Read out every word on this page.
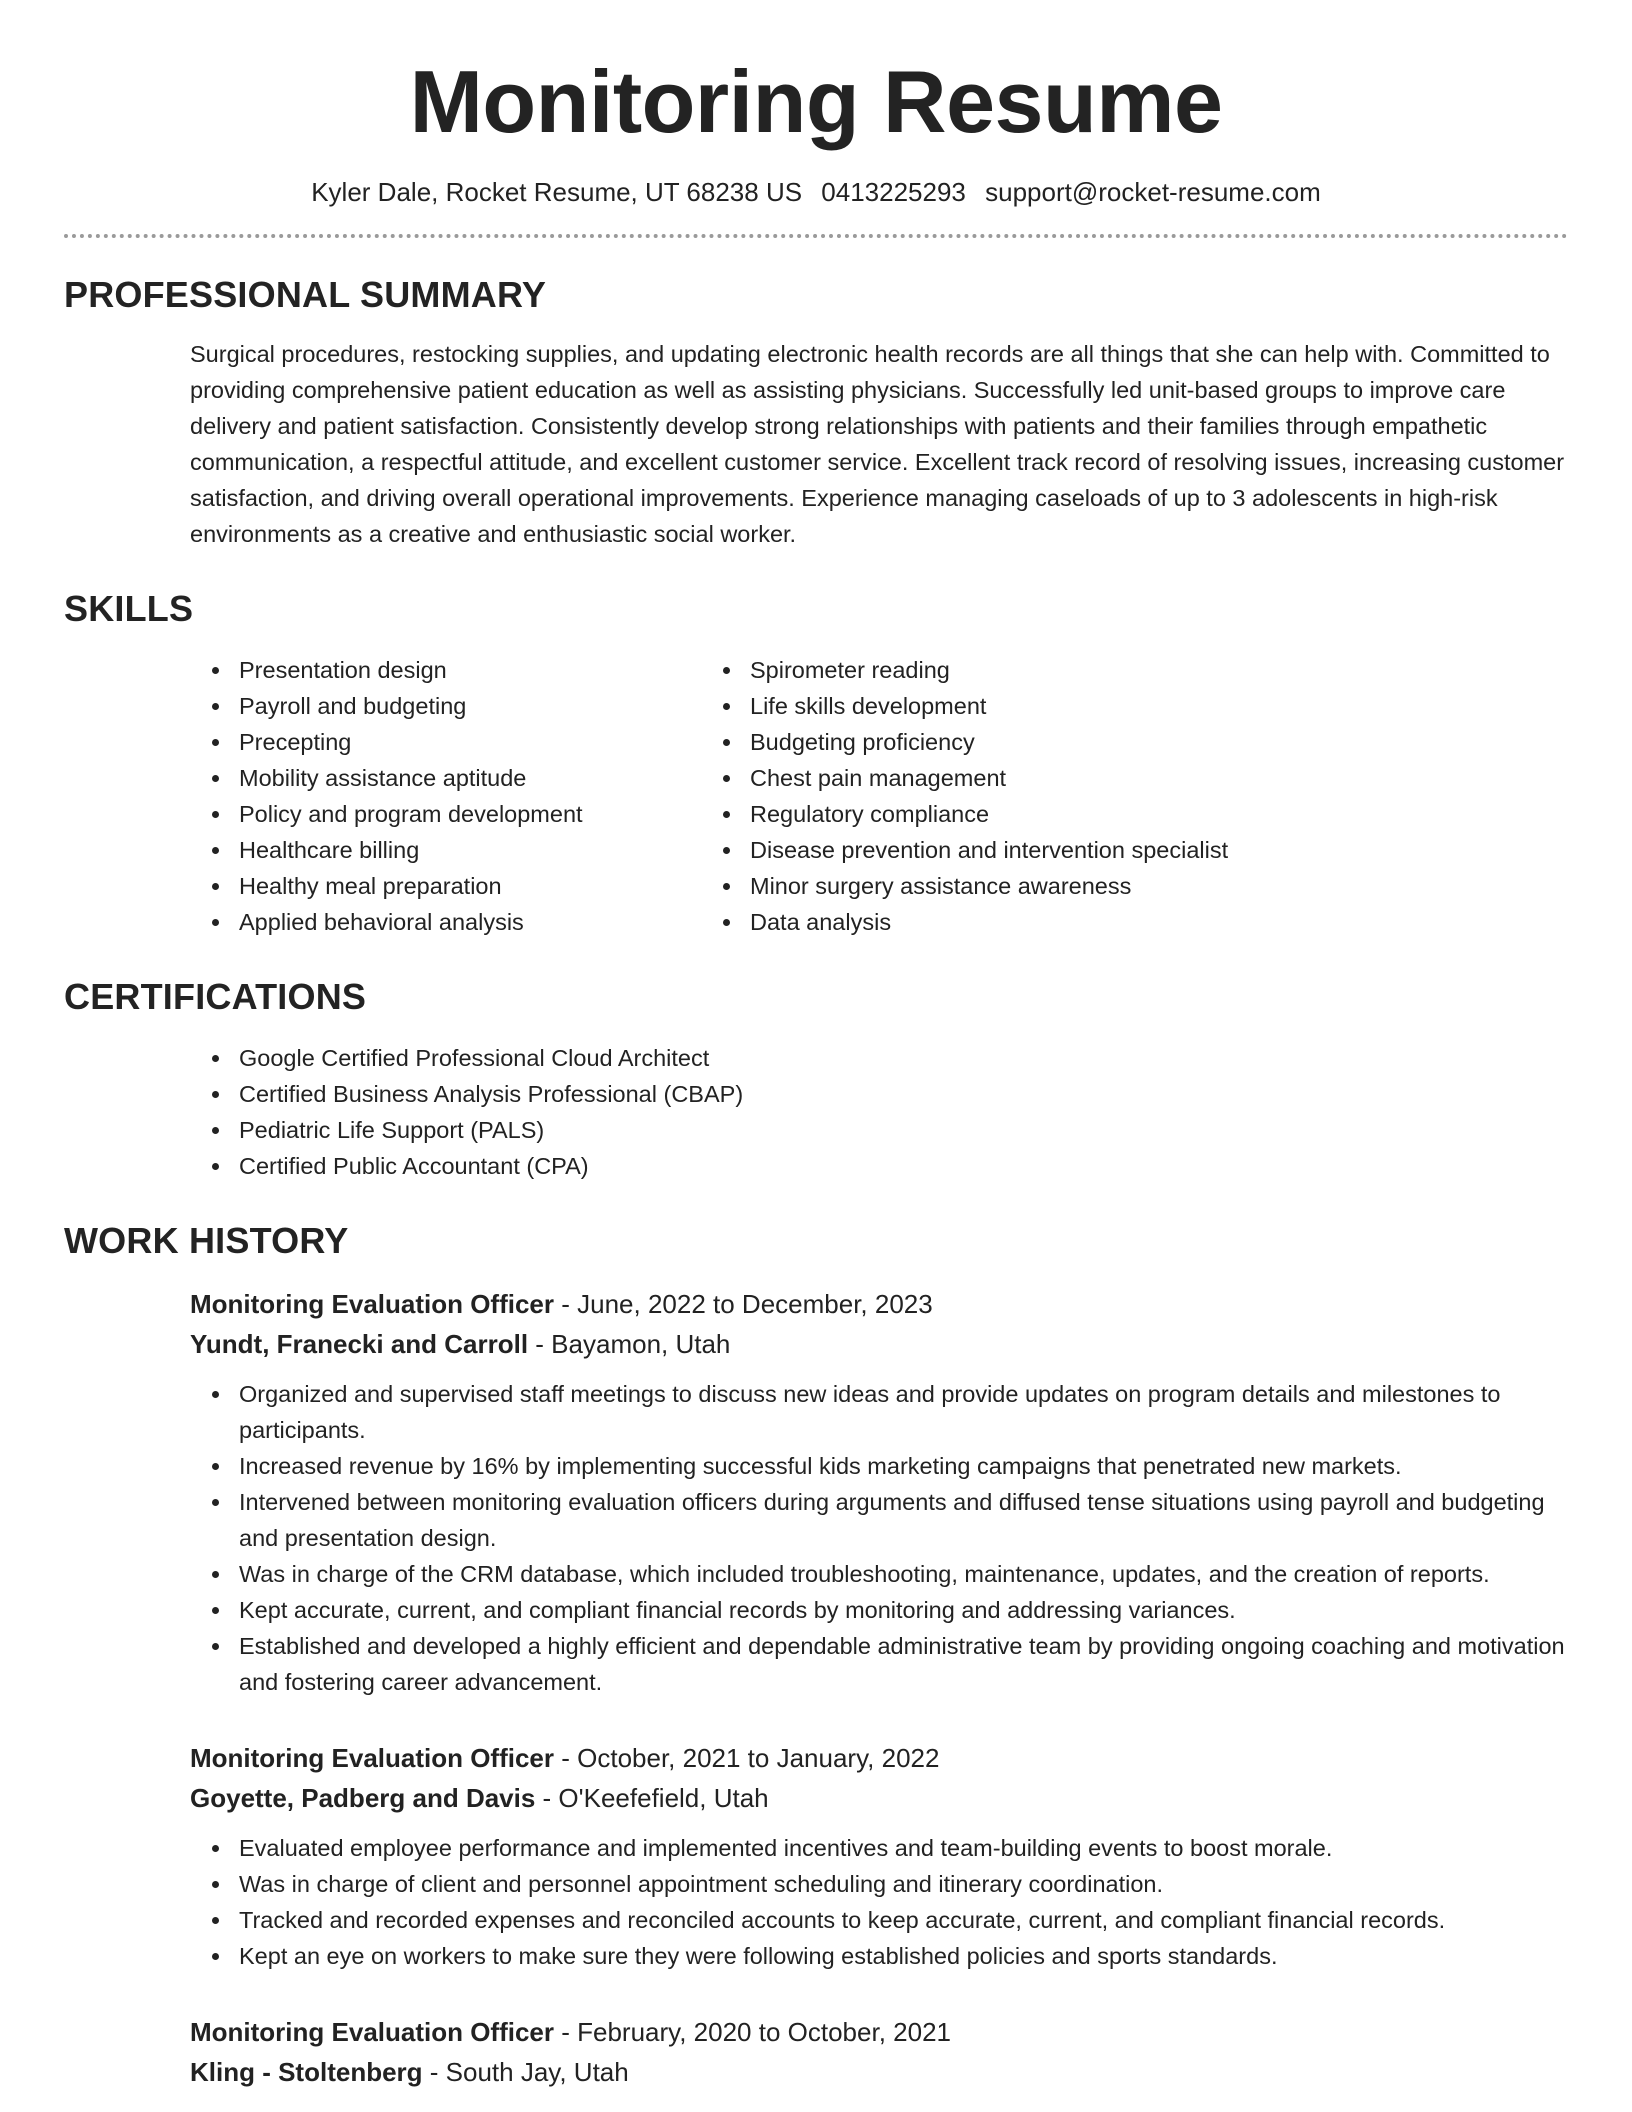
Monitoring Resume
Kyler Dale, Rocket Resume, UT 68238 US 0413225293 support@rocket-resume.com
PROFESSIONAL SUMMARY

Surgical procedures, restocking supplies, and updating electronic health records are all things that she can help with. Committed to providing comprehensive patient education as well as assisting physicians. Successfully led unit-based groups to improve care delivery and patient satisfaction. Consistently develop strong relationships with patients and their families through empathetic communication, a respectful attitude, and excellent customer service. Excellent track record of resolving issues, increasing customer satisfaction, and driving overall operational improvements. Experience managing caseloads of up to 3 adolescents in high-risk environments as a creative and enthusiastic social worker.

SKILLS
• Presentation design
• Payroll and budgeting
• Precepting
• Mobility assistance aptitude
• Policy and program development
• Healthcare billing
• Healthy meal preparation
• Applied behavioral analysis
• Spirometer reading
• Life skills development
• Budgeting proficiency
• Chest pain management
• Regulatory compliance
• Disease prevention and intervention specialist
• Minor surgery assistance awareness
• Data analysis
CERTIFICATIONS
• Google Certified Professional Cloud Architect
• Certified Business Analysis Professional (CBAP)
• Pediatric Life Support (PALS)
• Certified Public Accountant (CPA)
WORK HISTORY
Monitoring Evaluation Officer - June, 2022 to December, 2023
Yundt, Franecki and Carroll - Bayamon, Utah
• Organized and supervised staff meetings to discuss new ideas and provide updates on program details and milestones to participants.
• Increased revenue by 16% by implementing successful kids marketing campaigns that penetrated new markets.
• Intervened between monitoring evaluation officers during arguments and diffused tense situations using payroll and budgeting and presentation design.
• Was in charge of the CRM database, which included troubleshooting, maintenance, updates, and the creation of reports.
• Kept accurate, current, and compliant financial records by monitoring and addressing variances.
• Established and developed a highly efficient and dependable administrative team by providing ongoing coaching and motivation and fostering career advancement.
Monitoring Evaluation Officer - October, 2021 to January, 2022
Goyette, Padberg and Davis - O'Keefefield, Utah
• Evaluated employee performance and implemented incentives and team-building events to boost morale.
• Was in charge of client and personnel appointment scheduling and itinerary coordination.
• Tracked and recorded expenses and reconciled accounts to keep accurate, current, and compliant financial records.
• Kept an eye on workers to make sure they were following established policies and sports standards.
Monitoring Evaluation Officer - February, 2020 to October, 2021
Kling - Stoltenberg - South Jay, Utah
